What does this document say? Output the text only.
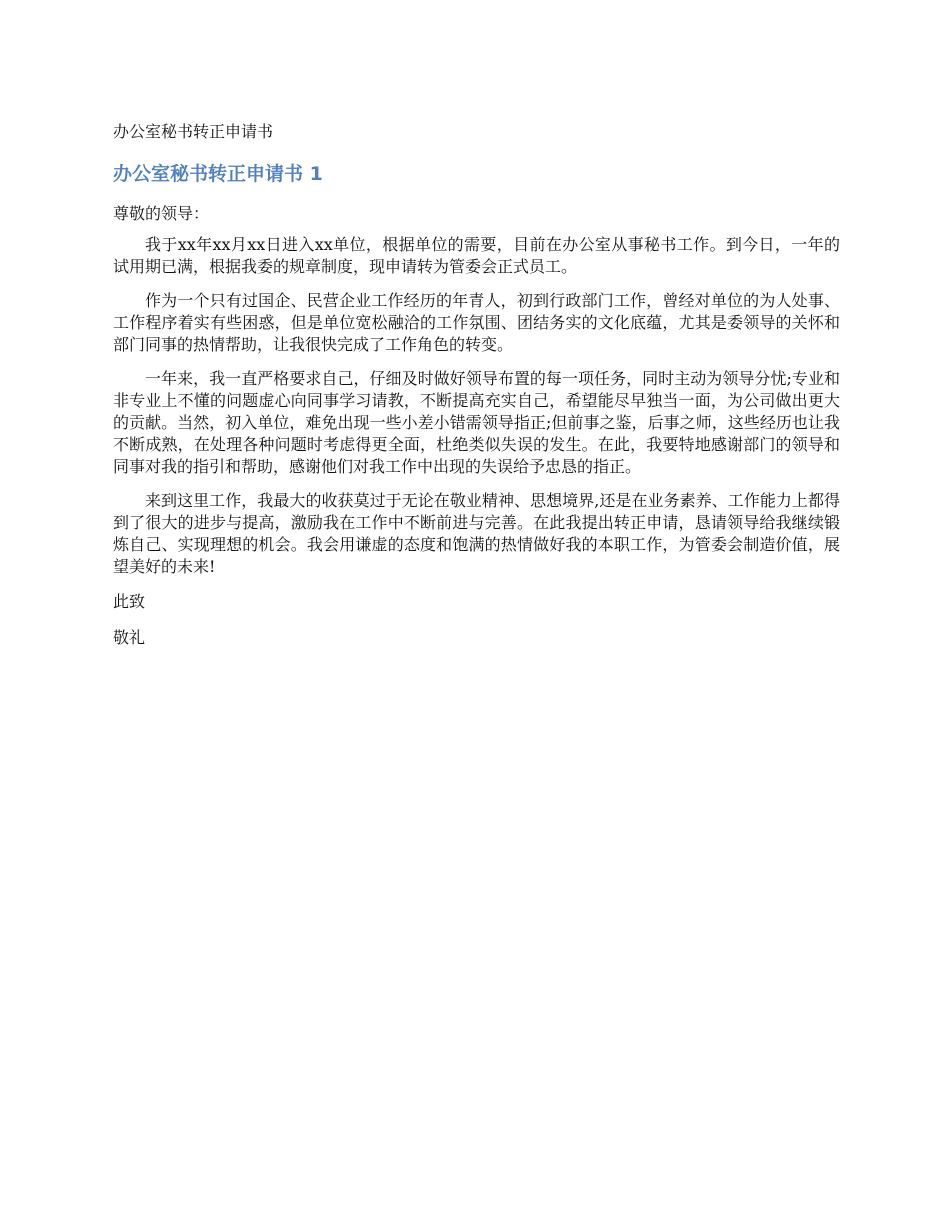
办公室秘书转正申请书
办公室秘书转正申请书 1
尊敬的领导：

我于xx年xx月xx日进入xx单位，根据单位的需要，目前在办公室从事秘书工作。到今日，一年的试用期已满，根据我委的规章制度，现申请转为管委会正式员工。

作为一个只有过国企、民营企业工作经历的年青人，初到行政部门工作，曾经对单位的为人处事、工作程序着实有些困惑，但是单位宽松融洽的工作氛围、团结务实的文化底蕴，尤其是委领导的关怀和部门同事的热情帮助，让我很快完成了工作角色的转变。

一年来，我一直严格要求自己，仔细及时做好领导布置的每一项任务，同时主动为领导分忧;专业和非专业上不懂的问题虚心向同事学习请教，不断提高充实自己，希望能尽早独当一面，为公司做出更大的贡献。当然，初入单位，难免出现一些小差小错需领导指正;但前事之鉴，后事之师，这些经历也让我不断成熟，在处理各种问题时考虑得更全面，杜绝类似失误的发生。在此，我要特地感谢部门的领导和同事对我的指引和帮助，感谢他们对我工作中出现的失误给予忠恳的指正。

来到这里工作，我最大的收获莫过于无论在敬业精神、思想境界,还是在业务素养、工作能力上都得到了很大的进步与提高，激励我在工作中不断前进与完善。在此我提出转正申请，恳请领导给我继续锻炼自己、实现理想的机会。我会用谦虚的态度和饱满的热情做好我的本职工作，为管委会制造价值，展望美好的未来!

此致
敬礼
